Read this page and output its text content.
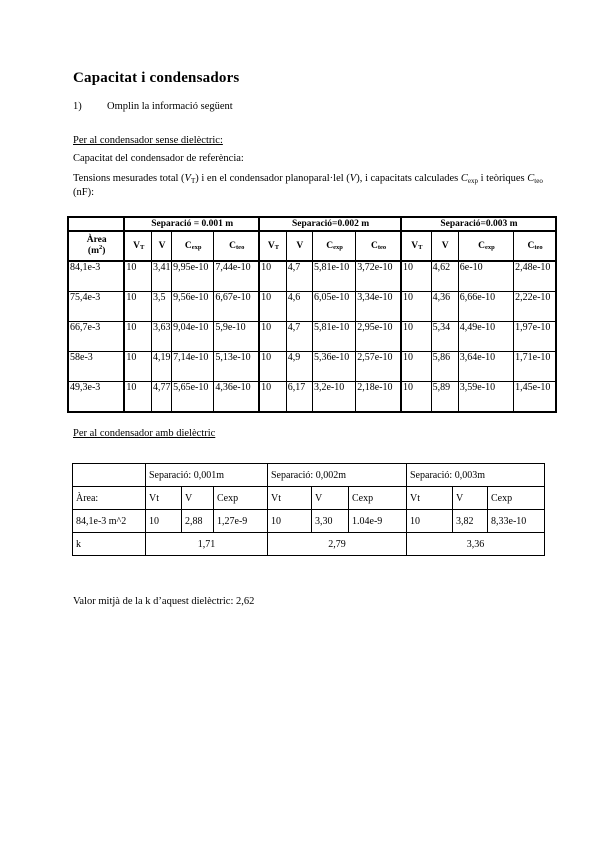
Capacitat i condensadors
1) Omplin la informació següent
Per al condensador sense dielèctric:
Capacitat del condensador de referència:
Tensions mesurades total $(V_T)$ i en el condensador planoparal·lel (V), i capacitats calculades $C_{exp}$ i teòriques $C_{teo}$ (nF):
	Separació = 0.001 m				Separació=0.002 m				Separació=0.003 m			
Àrea
$(m^2)$	$V_T$	V	$C_{exp}$	$C_{teo}$	$V_T$	V	$C_{exp}$	$C_{teo}$	$V_T$	V	$C_{exp}$	$C_{teo}$
84,1e-3	10	3,41	9,95e-10	7,44e-10	10	4,7	5,81e-10	3,72e-10	10	4,62	6e-10	2,48e-10
75,4e-3	10	3,5	9,56e-10	6,67e-10	10	4,6	6,05e-10	3,34e-10	10	4,36	6,66e-10	2,22e-10
66,7e-3	10	3,63	9,04e-10	5,9e-10	10	4,7	5,81e-10	2,95e-10	10	5,34	4,49e-10	1,97e-10
58e-3	10	4,19	7,14e-10	5,13e-10	10	4,9	5,36e-10	2,57e-10	10	5,86	3,64e-10	1,71e-10
49,3e-3	10	4,77	5,65e-10	4,36e-10	10	6,17	3,2e-10	2,18e-10	10	5,89	3,59e-10	1,45e-10
Per al condensador amb dielèctric
	Separació: 0,001m			Separació: 0,002m			Separació: 0,003m		
Àrea:	Vt	V	Cexp	Vt	V	Cexp	Vt	V	Cexp
84,1e-3 m^2	10	2,88	1,27e-9	10	3,30	1.04e-9	10	3,82	8,33e-10
k	1,71			2,79			3,36		
Valor mitjà de la k d’aquest dielèctric: 2,62
